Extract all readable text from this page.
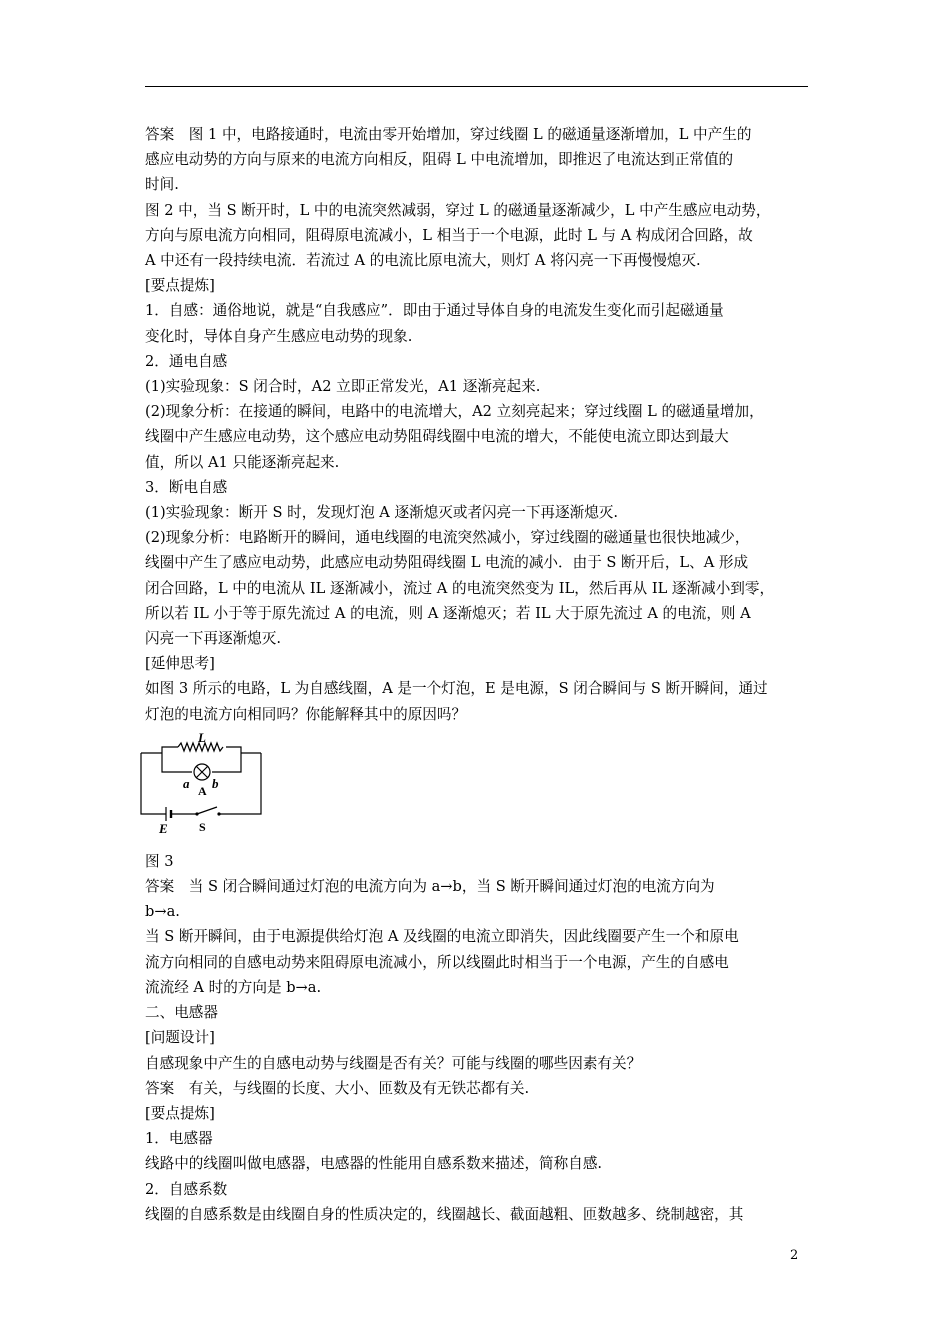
答案　图 1 中，电路接通时，电流由零开始增加，穿过线圈 L 的磁通量逐渐增加，L 中产生的

感应电动势的方向与原来的电流方向相反，阻碍 L 中电流增加，即推迟了电流达到正常值的

时间.

图 2 中，当 S 断开时，L 中的电流突然减弱，穿过 L 的磁通量逐渐减少，L 中产生感应电动势，

方向与原电流方向相同，阻碍原电流减小，L 相当于一个电源，此时 L 与 A 构成闭合回路，故

A 中还有一段持续电流．若流过 A 的电流比原电流大，则灯 A 将闪亮一下再慢慢熄灭.

[要点提炼]

1．自感：通俗地说，就是“自我感应”．即由于通过导体自身的电流发生变化而引起磁通量

变化时，导体自身产生感应电动势的现象.

2．通电自感

(1)实验现象：S 闭合时，A2 立即正常发光，A1 逐渐亮起来.

(2)现象分析：在接通的瞬间，电路中的电流增大，A2 立刻亮起来；穿过线圈 L 的磁通量增加，

线圈中产生感应电动势，这个感应电动势阻碍线圈中电流的增大，不能使电流立即达到最大

值，所以 A1 只能逐渐亮起来.

3．断电自感

(1)实验现象：断开 S 时，发现灯泡 A 逐渐熄灭或者闪亮一下再逐渐熄灭.

(2)现象分析：电路断开的瞬间，通电线圈的电流突然减小，穿过线圈的磁通量也很快地减少，

线圈中产生了感应电动势，此感应电动势阻碍线圈 L 电流的减小．由于 S 断开后，L、A 形成

闭合回路，L 中的电流从 IL 逐渐减小，流过 A 的电流突然变为 IL，然后再从 IL 逐渐减小到零，

所以若 IL 小于等于原先流过 A 的电流，则 A 逐渐熄灭；若 IL 大于原先流过 A 的电流，则 A

闪亮一下再逐渐熄灭.

[延伸思考]

如图 3 所示的电路，L 为自感线圈，A 是一个灯泡，E 是电源，S 闭合瞬间与 S 断开瞬间，通过

灯泡的电流方向相同吗？你能解释其中的原因吗？

L
a b
E
A
S

图 3

答案　当 S 闭合瞬间通过灯泡的电流方向为 a→b，当 S 断开瞬间通过灯泡的电流方向为

b→a.

当 S 断开瞬间，由于电源提供给灯泡 A 及线圈的电流立即消失，因此线圈要产生一个和原电

流方向相同的自感电动势来阻碍原电流减小，所以线圈此时相当于一个电源，产生的自感电

流流经 A 时的方向是 b→a.

二、电感器

[问题设计]

自感现象中产生的自感电动势与线圈是否有关？可能与线圈的哪些因素有关？

答案　有关，与线圈的长度、大小、匝数及有无铁芯都有关.

[要点提炼]

1．电感器

线路中的线圈叫做电感器，电感器的性能用自感系数来描述，简称自感.

2．自感系数

线圈的自感系数是由线圈自身的性质决定的，线圈越长、截面越粗、匝数越多、绕制越密，其

2
